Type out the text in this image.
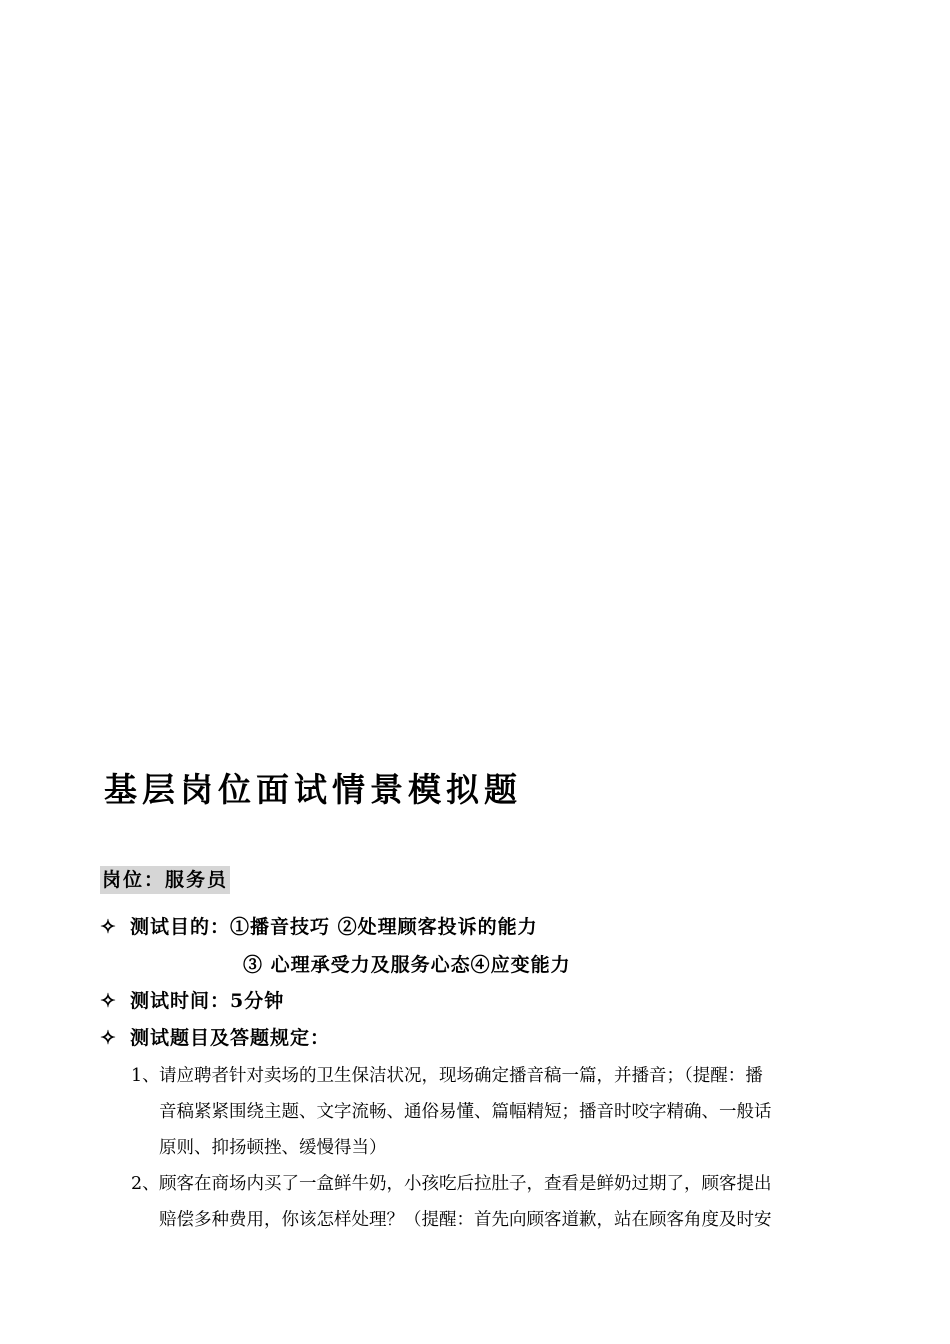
基层岗位面试情景模拟题
岗位：服务员
✧ 测试目的：①播音技巧 ②处理顾客投诉的能力
③ 心理承受力及服务心态④应变能力
✧ 测试时间：5分钟
✧ 测试题目及答题规定：
1、 请应聘者针对卖场的卫生保洁状况，现场确定播音稿一篇，并播音；（提醒：播
音稿紧紧围绕主题、文字流畅、通俗易懂、篇幅精短；播音时咬字精确、一般话
原则、抑扬顿挫、缓慢得当）
2、 顾客在商场内买了一盒鲜牛奶，小孩吃后拉肚子，查看是鲜奶过期了，顾客提出
赔偿多种费用，你该怎样处理？（提醒：首先向顾客道歉，站在顾客角度及时安
